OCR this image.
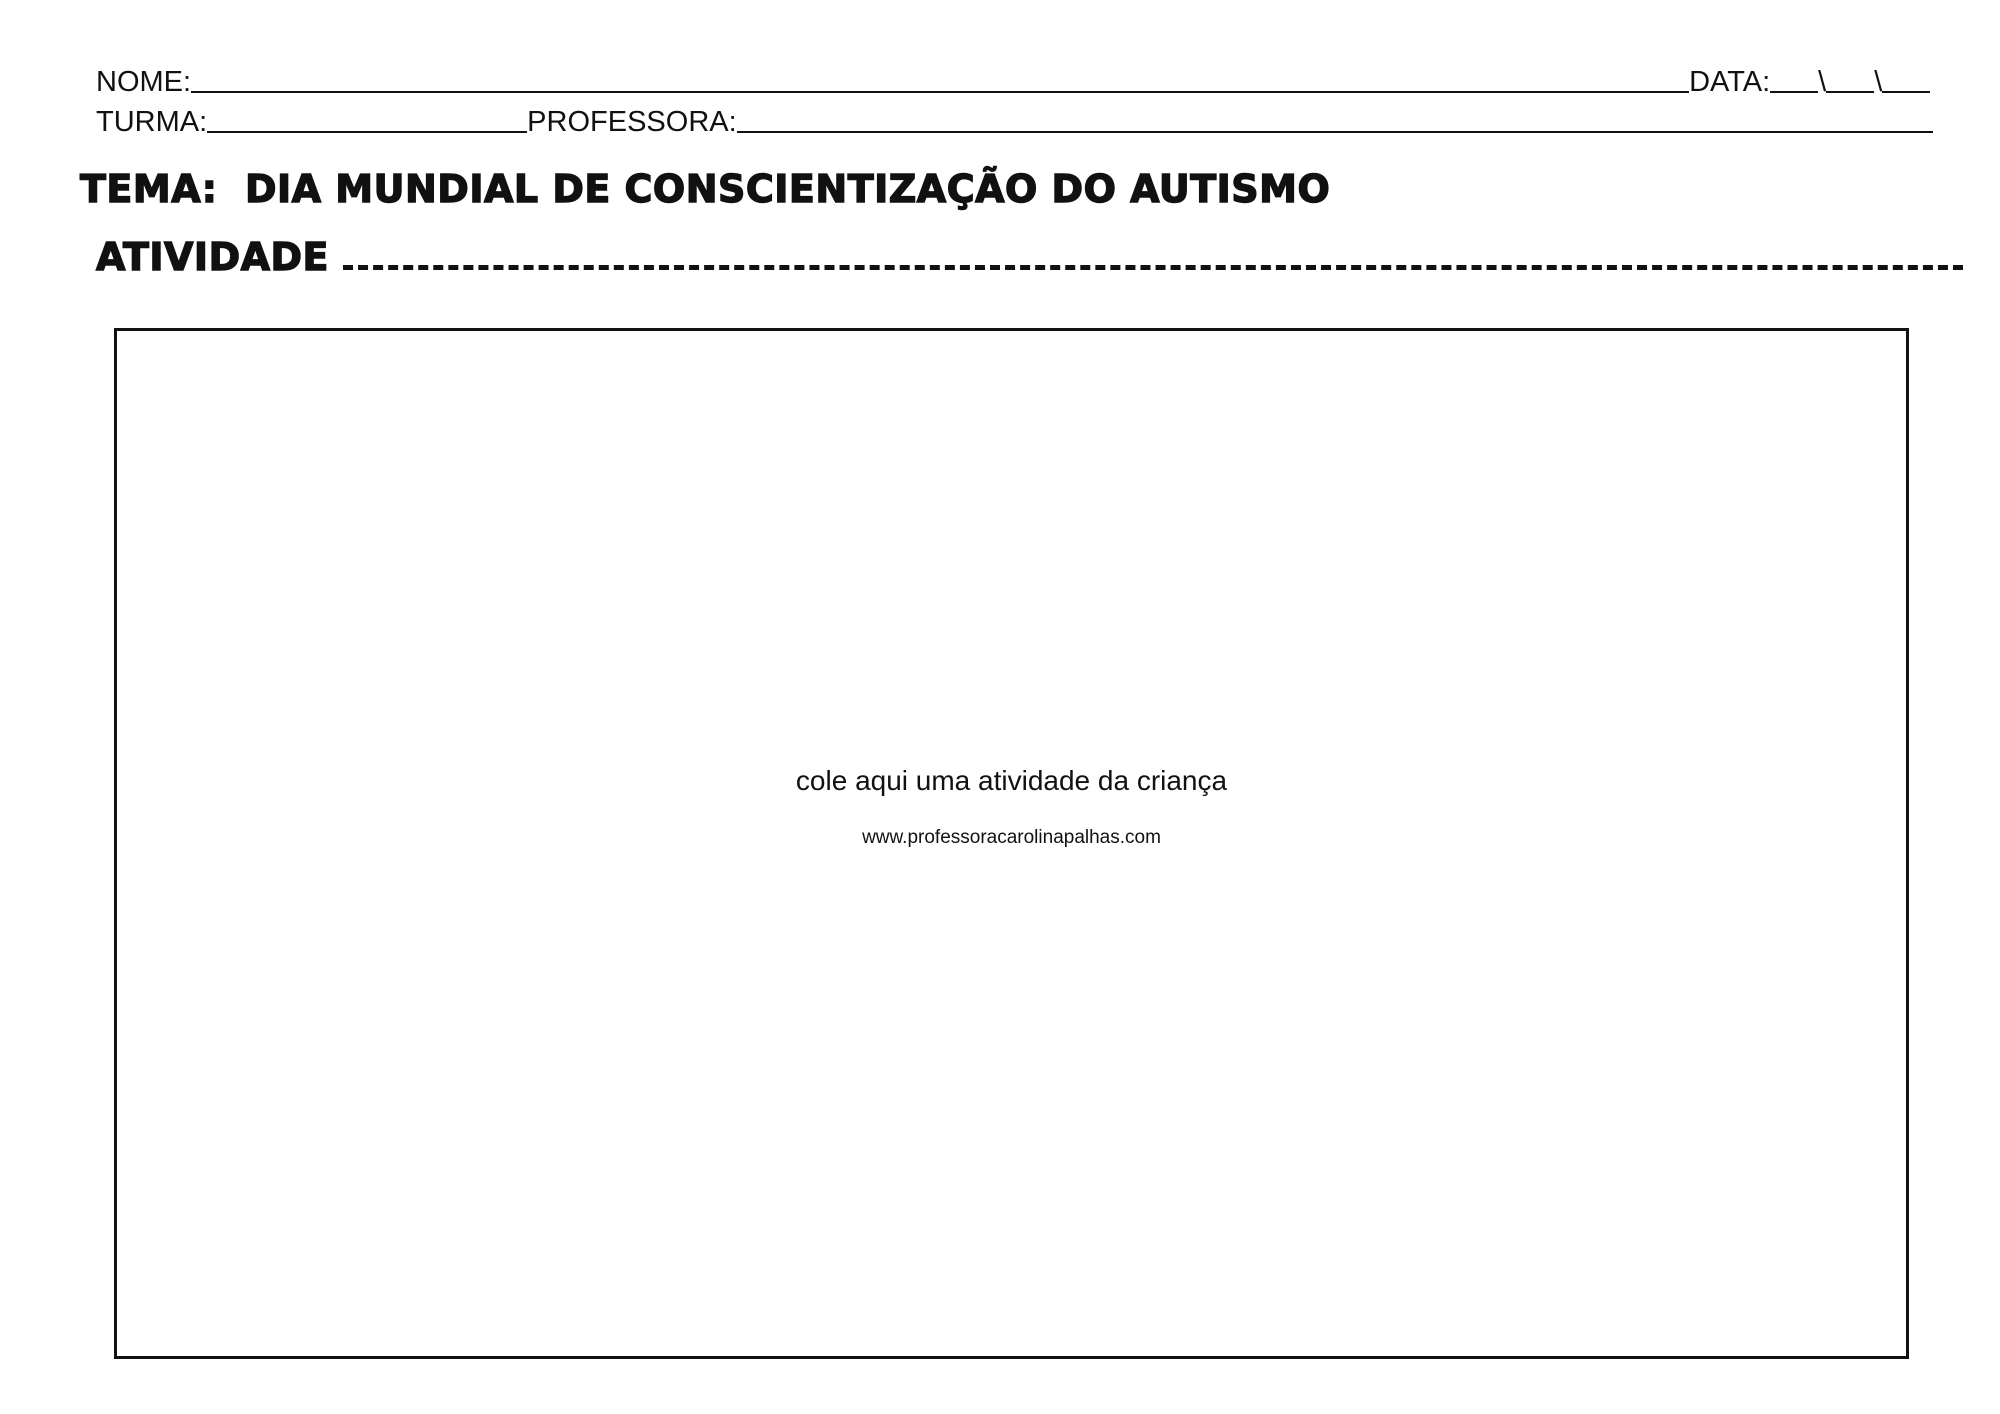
NOME:	DATA: \ \
TURMA:	PROFESSORA:
TEMA: DIA MUNDIAL DE CONSCIENTIZAÇÃO DO AUTISMO
ATIVIDADE
cole aqui uma atividade da criança
www.professoracarolinapalhas.com
